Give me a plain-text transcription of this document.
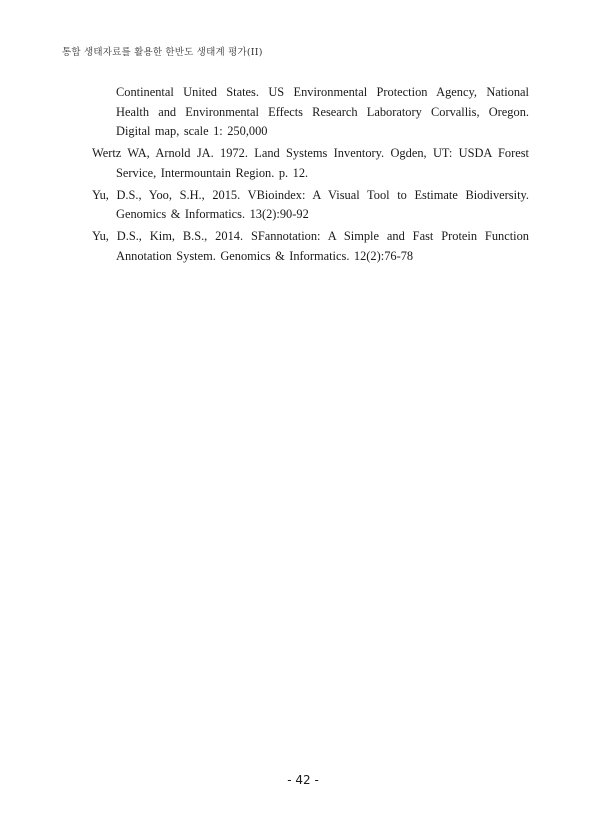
통합 생태자료를 활용한 한반도 생태계 평가(II)

Continental United States. US Environmental Protection Agency, National Health and Environmental Effects Research Laboratory Corvallis, Oregon. Digital map, scale 1: 250,000

Wertz WA, Arnold JA. 1972. Land Systems Inventory. Ogden, UT: USDA Forest Service, Intermountain Region. p. 12.

Yu, D.S., Yoo, S.H., 2015. VBioindex: A Visual Tool to Estimate Biodiversity. Genomics & Informatics. 13(2):90-92

Yu, D.S., Kim, B.S., 2014. SFannotation: A Simple and Fast Protein Function Annotation System. Genomics & Informatics. 12(2):76-78

- 42 -
